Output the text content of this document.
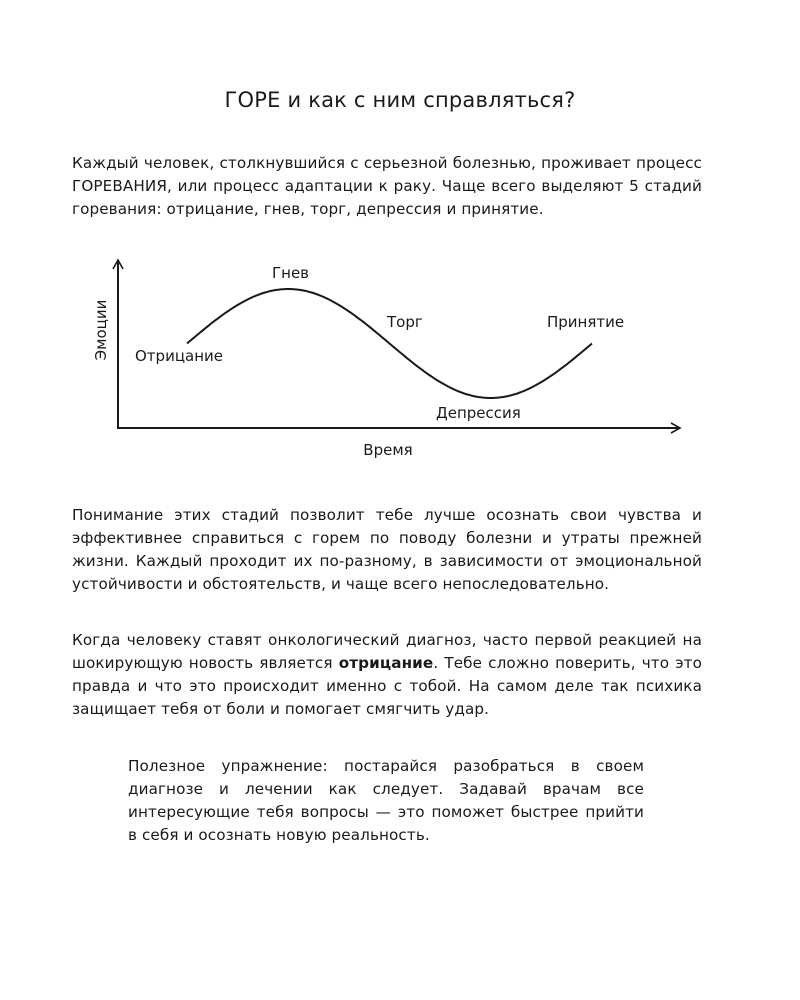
ГОРЕ и как с ним справляться?

Каждый человек, столкнувшийся с серьезной болезнью, проживает процесс ГОРЕВАНИЯ, или процесс адаптации к раку. Чаще всего выделяют 5 стадий горевания: отрицание, гнев, торг, депрессия и принятие.

Отрицание
Гнев
Торг
Депрессия
Принятие
Время
Эмоции

Понимание этих стадий позволит тебе лучше осознать свои чувства и эффективнее справиться с горем по поводу болезни и утраты прежней жизни. Каждый проходит их по-разному, в зависимости от эмоциональной устойчивости и обстоятельств, и чаще всего непоследовательно.

Когда человеку ставят онкологический диагноз, часто первой реакцией на шокирующую новость является отрицание. Тебе сложно поверить, что это правда и что это происходит именно с тобой. На самом деле так психика защищает тебя от боли и помогает смягчить удар.

Полезное упражнение: постарайся разобраться в своем диагнозе и лечении как следует. Задавай врачам все интересующие тебя вопросы — это поможет быстрее прийти в себя и осознать новую реальность.
